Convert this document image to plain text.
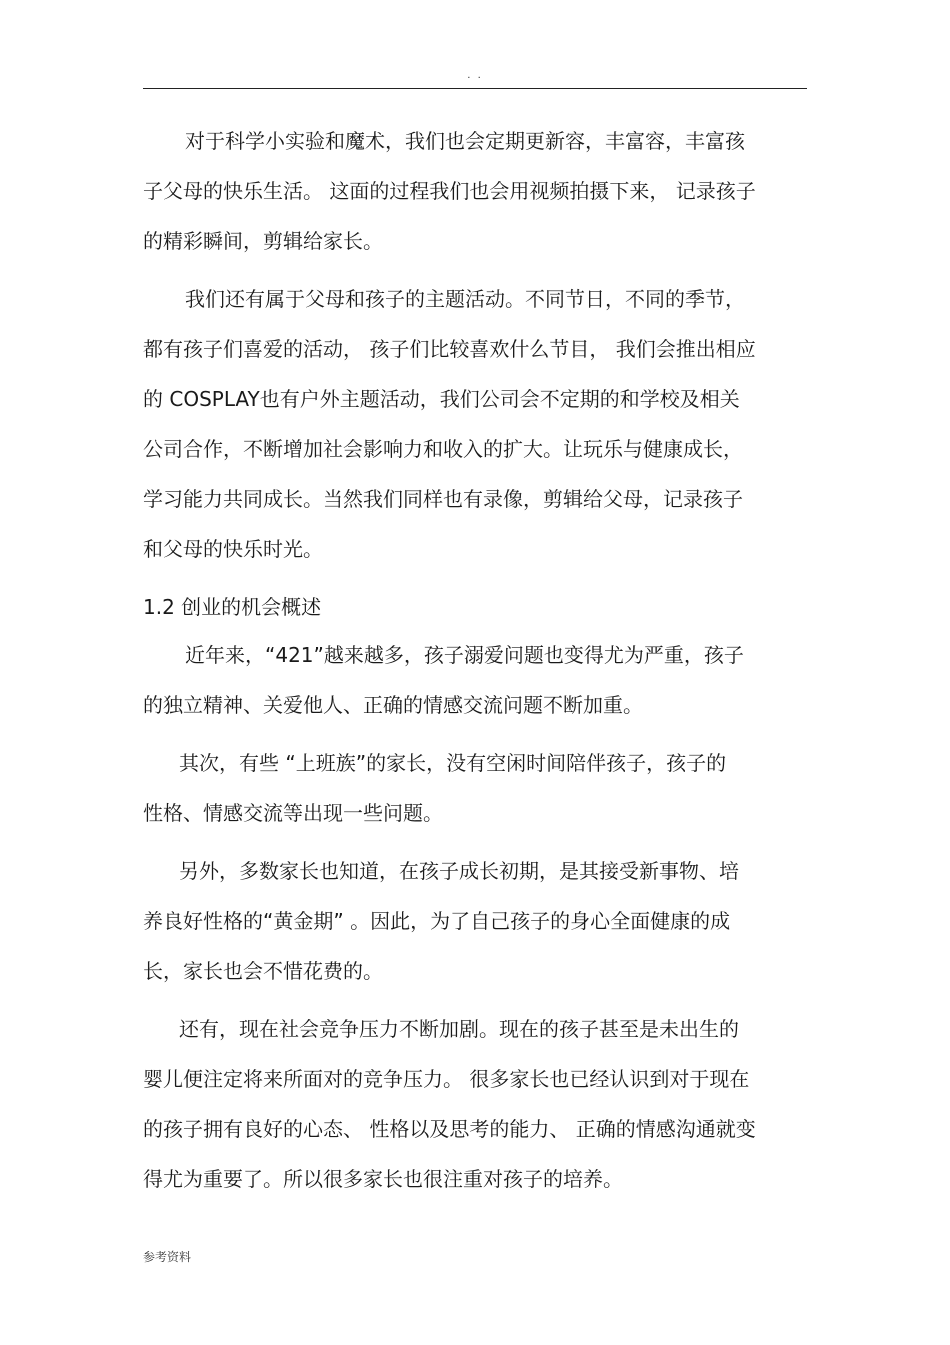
. .
对于科学小实验和魔术，我们也会定期更新容，丰富容，丰富孩
子父母的快乐生活。 这面的过程我们也会用视频拍摄下来， 记录孩子
的精彩瞬间，剪辑给家长。
我们还有属于父母和孩子的主题活动。不同节日，不同的季节，
都有孩子们喜爱的活动， 孩子们比较喜欢什么节目， 我们会推出相应
的 COSPLAY也有户外主题活动，我们公司会不定期的和学校及相关
公司合作，不断增加社会影响力和收入的扩大。让玩乐与健康成长，
学习能力共同成长。当然我们同样也有录像，剪辑给父母，记录孩子
和父母的快乐时光。
1.2 创业的机会概述
近年来，“421”越来越多，孩子溺爱问题也变得尤为严重，孩子
的独立精神、关爱他人、正确的情感交流问题不断加重。
其次，有些 “上班族”的家长，没有空闲时间陪伴孩子，孩子的
性格、情感交流等出现一些问题。
另外，多数家长也知道，在孩子成长初期，是其接受新事物、培
养良好性格的“黄金期” 。因此，为了自己孩子的身心全面健康的成
长，家长也会不惜花费的。
还有，现在社会竞争压力不断加剧。现在的孩子甚至是未出生的
婴儿便注定将来所面对的竞争压力。 很多家长也已经认识到对于现在
的孩子拥有良好的心态、 性格以及思考的能力、 正确的情感沟通就变
得尤为重要了。所以很多家长也很注重对孩子的培养。
参考资料
